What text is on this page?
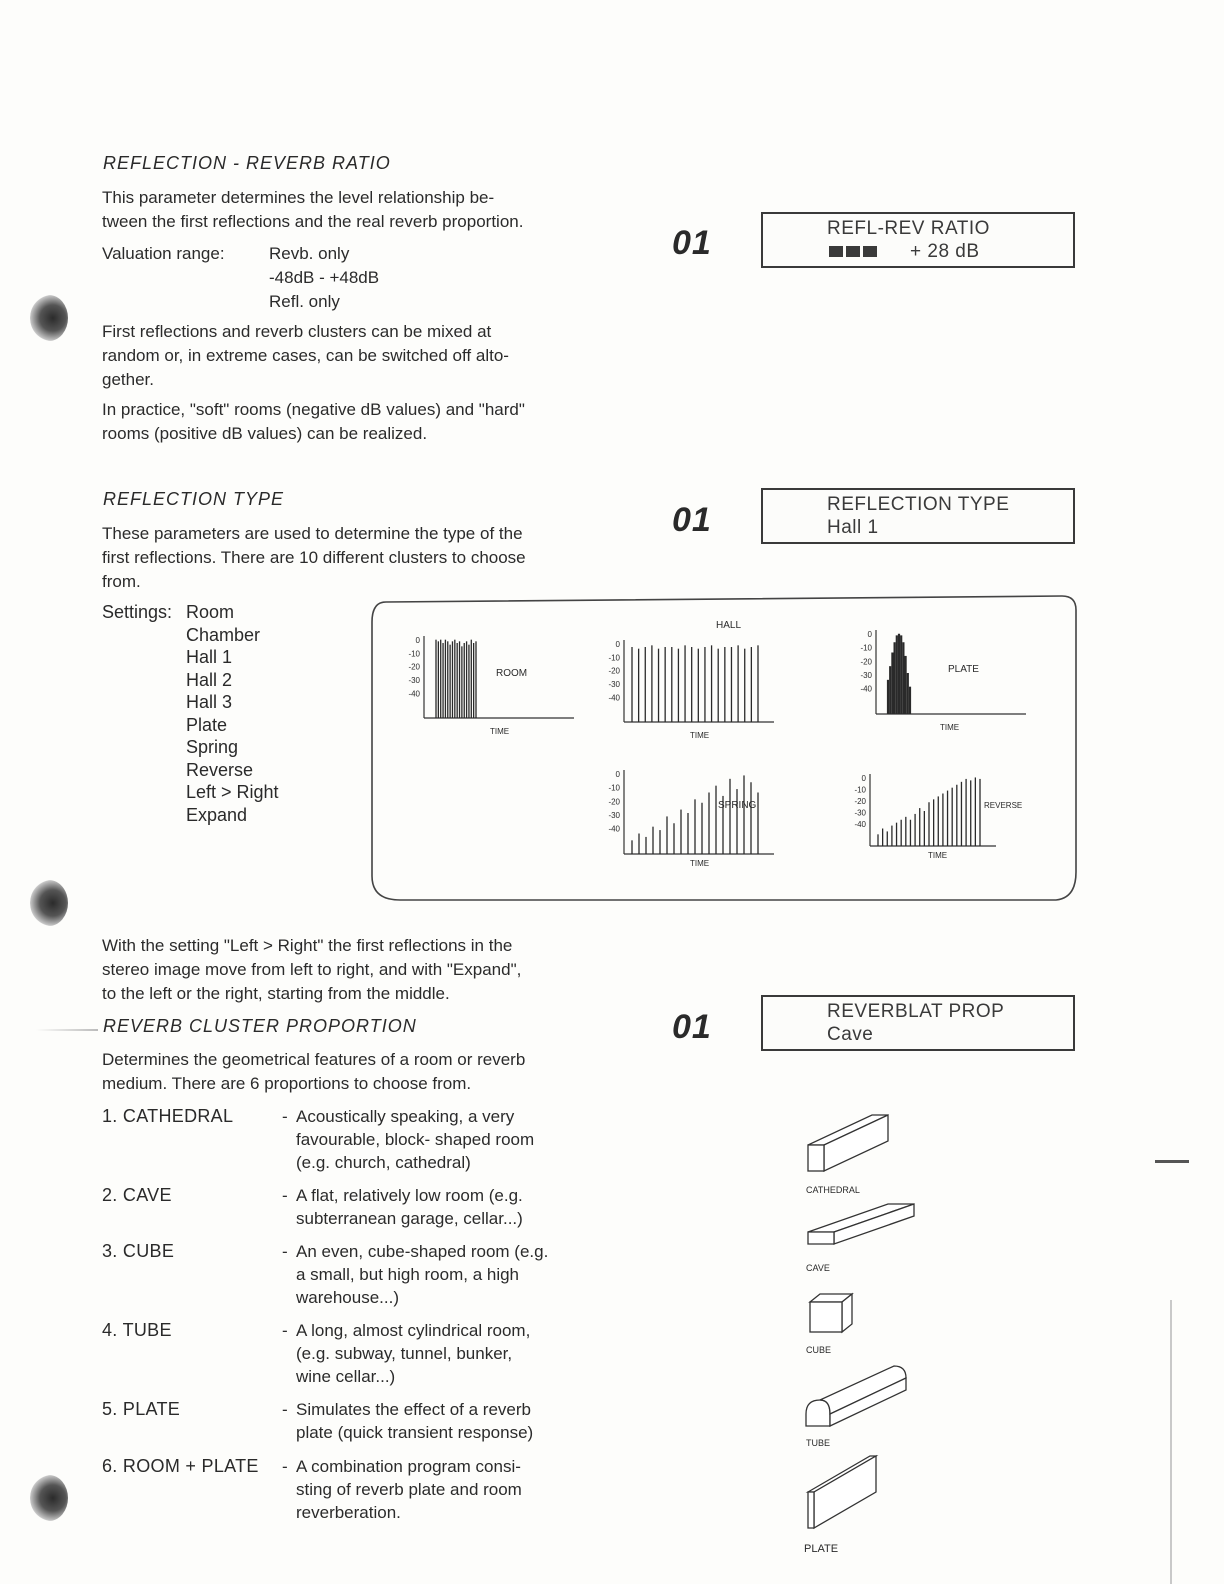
REFLECTION - REVERB RATIO
This parameter determines the level relationship be-
tween the first reflections and the real reverb proportion.
Valuation range:	Revb. only
-48dB - +48dB
Refl. only
First reflections and reverb clusters can be mixed at
random or, in extreme cases, can be switched off alto-
gether.
In practice, "soft" rooms (negative dB values) and "hard"
rooms (positive dB values) can be realized.
01	REFL-REV RATIO
+ 28 dB
REFLECTION TYPE
These parameters are used to determine the type of the
first reflections. There are 10 different clusters to choose
from.
Settings: Room
Chamber
Hall 1
Hall 2
Hall 3
Plate
Spring
Reverse
Left > Right
Expand
01	REFLECTION TYPE
Hall 1
0
-10
-20
-30
-40
ROOM
TIME
0
-10
-20
-30
-40
HALL
TIME
0
-10
-20
-30
-40
PLATE
TIME
0
-10
-20
-30
-40
SPRING
TIME
0
-10
-20
-30
-40
REVERSE
TIME
With the setting "Left > Right" the first reflections in the
stereo image move from left to right, and with "Expand",
to the left or the right, starting from the middle.
REVERB CLUSTER PROPORTION
Determines the geometrical features of a room or reverb
medium. There are 6 proportions to choose from.
01	REVERBLAT PROP
Cave
1. CATHEDRAL	- Acoustically speaking, a very
favourable, block- shaped room
(e.g. church, cathedral)
2. CAVE	- A flat, relatively low room (e.g.
subterranean garage, cellar...)
3. CUBE	- An even, cube-shaped room (e.g.
a small, but high room, a high
warehouse...)
4. TUBE	- A long, almost cylindrical room,
(e.g. subway, tunnel, bunker,
wine cellar...)
5. PLATE	- Simulates the effect of a reverb
plate (quick transient response)
6. ROOM + PLATE - A combination program consi-
sting of reverb plate and room
reverberation.
CATHEDRAL
CAVE
CUBE
TUBE
PLATE
